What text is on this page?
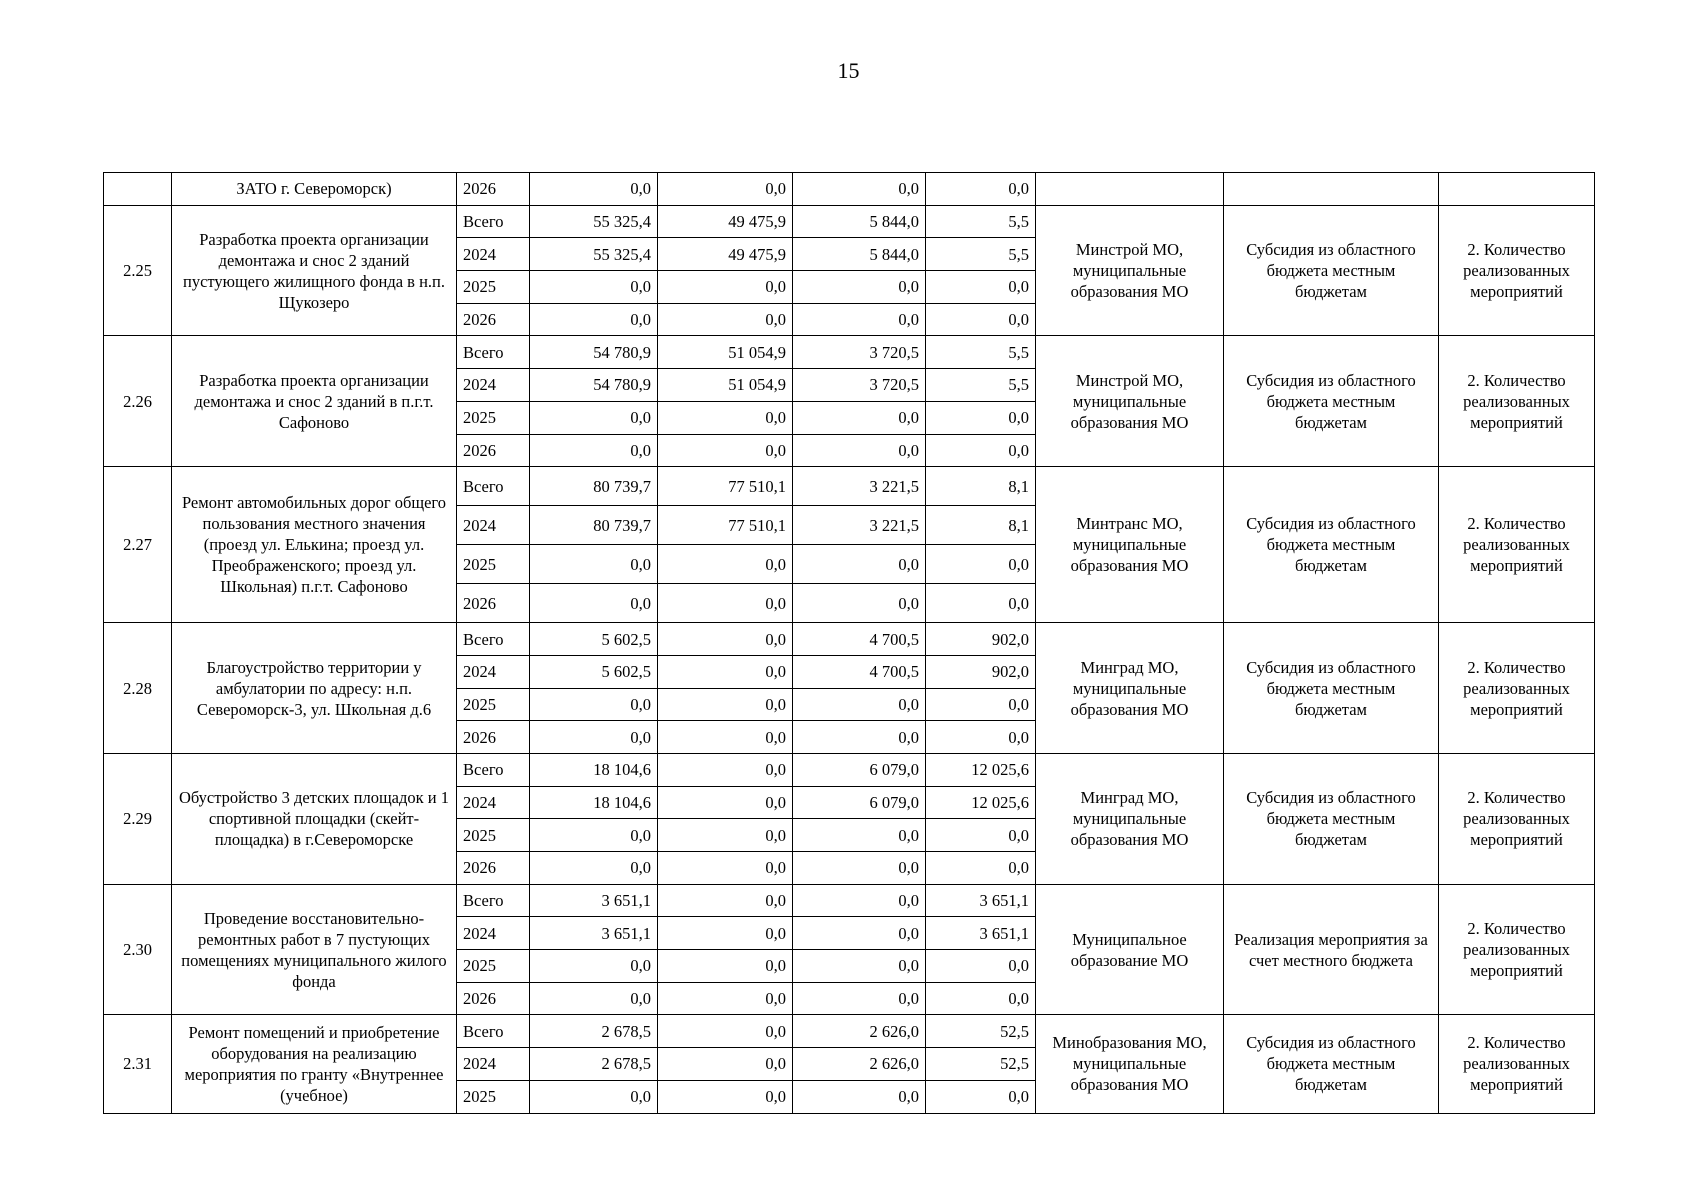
15
	ЗАТО г. Североморск)	2026	0,0	0,0	0,0	0,0			
2.25	Разработка проекта организации демонтажа и снос 2 зданий пустующего жилищного фонда в н.п. Щукозеро	Всего	55 325,4	49 475,9	5 844,0	5,5	Минстрой МО, муниципальные образования МО	Субсидия из областного бюджета местным бюджетам	2. Количество реализованных мероприятий
		2024	55 325,4	49 475,9	5 844,0	5,5			
		2025	0,0	0,0	0,0	0,0			
		2026	0,0	0,0	0,0	0,0			
2.26	Разработка проекта организации демонтажа и снос 2 зданий в п.г.т. Сафоново	Всего	54 780,9	51 054,9	3 720,5	5,5	Минстрой МО, муниципальные образования МО	Субсидия из областного бюджета местным бюджетам	2. Количество реализованных мероприятий
		2024	54 780,9	51 054,9	3 720,5	5,5			
		2025	0,0	0,0	0,0	0,0			
		2026	0,0	0,0	0,0	0,0			
2.27	Ремонт автомобильных дорог общего пользования местного значения (проезд ул. Елькина; проезд ул. Преображенского; проезд ул. Школьная) п.г.т. Сафоново	Всего	80 739,7	77 510,1	3 221,5	8,1	Минтранс МО, муниципальные образования МО	Субсидия из областного бюджета местным бюджетам	2. Количество реализованных мероприятий
		2024	80 739,7	77 510,1	3 221,5	8,1			
		2025	0,0	0,0	0,0	0,0			
		2026	0,0	0,0	0,0	0,0			
2.28	Благоустройство территории у амбулатории по адресу: н.п. Североморск-3, ул. Школьная д.6	Всего	5 602,5	0,0	4 700,5	902,0	Минград МО, муниципальные образования МО	Субсидия из областного бюджета местным бюджетам	2. Количество реализованных мероприятий
		2024	5 602,5	0,0	4 700,5	902,0			
		2025	0,0	0,0	0,0	0,0			
		2026	0,0	0,0	0,0	0,0			
2.29	Обустройство 3 детских площадок и 1 спортивной площадки (скейт-площадка) в г.Североморске	Всего	18 104,6	0,0	6 079,0	12 025,6	Минград МО, муниципальные образования МО	Субсидия из областного бюджета местным бюджетам	2. Количество реализованных мероприятий
		2024	18 104,6	0,0	6 079,0	12 025,6			
		2025	0,0	0,0	0,0	0,0			
		2026	0,0	0,0	0,0	0,0			
2.30	Проведение восстановительно-ремонтных работ в 7 пустующих помещениях муниципального жилого фонда	Всего	3 651,1	0,0	0,0	3 651,1	Муниципальное образование МО	Реализация мероприятия за счет местного бюджета	2. Количество реализованных мероприятий
		2024	3 651,1	0,0	0,0	3 651,1			
		2025	0,0	0,0	0,0	0,0			
		2026	0,0	0,0	0,0	0,0			
2.31	Ремонт помещений и приобретение оборудования на реализацию мероприятия по гранту «Внутреннее (учебное)	Всего	2 678,5	0,0	2 626,0	52,5	Минобразования МО, муниципальные образования МО	Субсидия из областного бюджета местным бюджетам	2. Количество реализованных мероприятий
		2024	2 678,5	0,0	2 626,0	52,5			
		2025	0,0	0,0	0,0	0,0			
